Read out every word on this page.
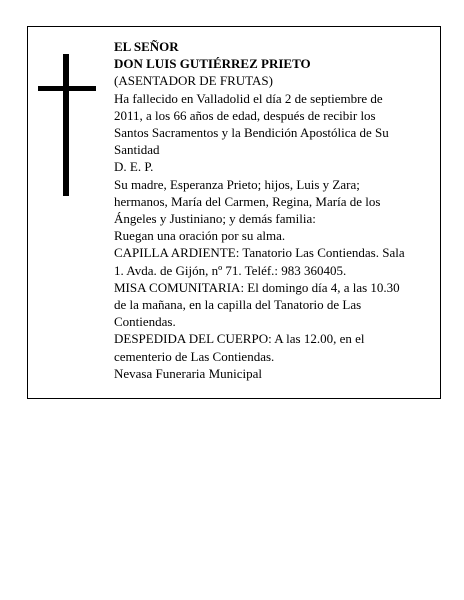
EL SEÑOR

DON LUIS GUTIÉRREZ PRIETO

(ASENTADOR DE FRUTAS)

Ha fallecido en Valladolid el día 2 de septiembre de 2011, a los 66 años de edad, después de recibir los Santos Sacramentos y la Bendición Apostólica de Su Santidad

D. E. P.

Su madre, Esperanza Prieto; hijos, Luis y Zara; hermanos, María del Carmen, Regina, María de los Ángeles y Justiniano; y demás familia:

Ruegan una oración por su alma.

CAPILLA ARDIENTE: Tanatorio Las Contiendas. Sala 1. Avda. de Gijón, nº 71. Teléf.: 983 360405.

MISA COMUNITARIA: El domingo día 4, a las 10.30 de la mañana, en la capilla del Tanatorio de Las Contiendas.

DESPEDIDA DEL CUERPO: A las 12.00, en el cementerio de Las Contiendas.

Nevasa Funeraria Municipal
